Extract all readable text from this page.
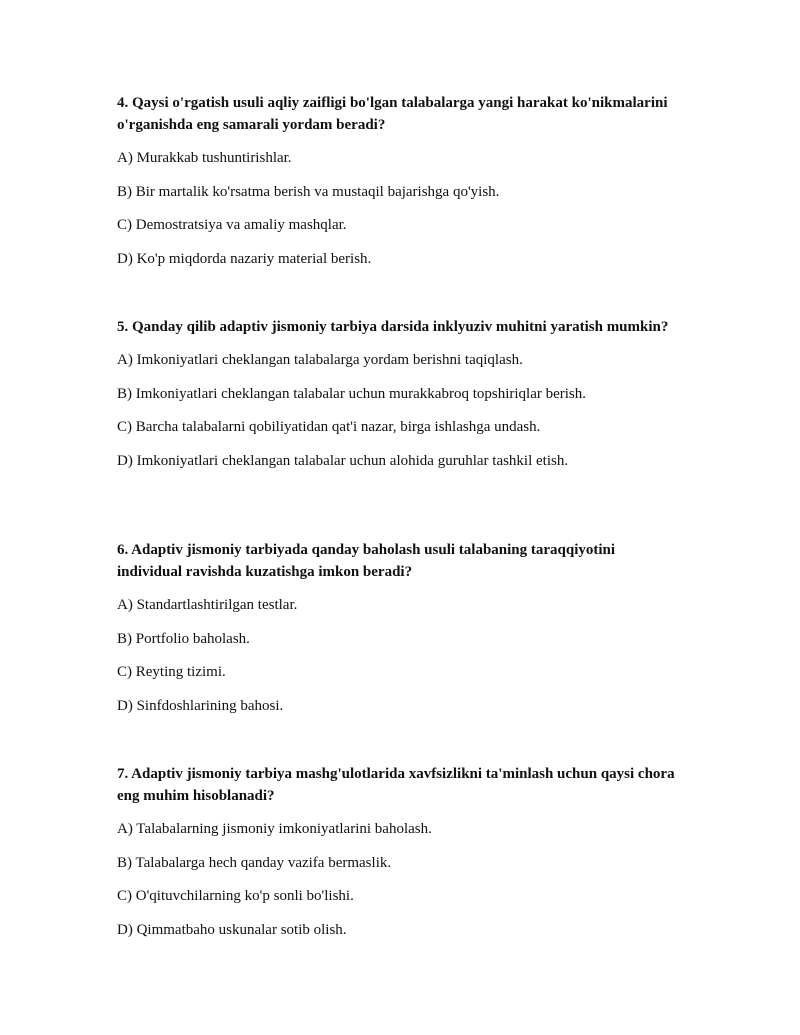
4. Qaysi o'rgatish usuli aqliy zaifligi bo'lgan talabalarga yangi harakat ko'nikmalarini o'rganishda eng samarali yordam beradi?
A) Murakkab tushuntirishlar.
B) Bir martalik ko'rsatma berish va mustaqil bajarishga qo'yish.
C) Demostratsiya va amaliy mashqlar.
D) Ko'p miqdorda nazariy material berish.
5. Qanday qilib adaptiv jismoniy tarbiya darsida inklyuziv muhitni yaratish mumkin?
A) Imkoniyatlari cheklangan talabalarga yordam berishni taqiqlash.
B) Imkoniyatlari cheklangan talabalar uchun murakkabroq topshiriqlar berish.
C) Barcha talabalarni qobiliyatidan qat'i nazar, birga ishlashga undash.
D) Imkoniyatlari cheklangan talabalar uchun alohida guruhlar tashkil etish.
6. Adaptiv jismoniy tarbiyada qanday baholash usuli talabaning taraqqiyotini individual ravishda kuzatishga imkon beradi?
A) Standartlashtirilgan testlar.
B) Portfolio baholash.
C) Reyting tizimi.
D) Sinfdoshlarining bahosi.
7. Adaptiv jismoniy tarbiya mashg'ulotlarida xavfsizlikni ta'minlash uchun qaysi chora eng muhim hisoblanadi?
A) Talabalarning jismoniy imkoniyatlarini baholash.
B) Talabalarga hech qanday vazifa bermaslik.
C) O'qituvchilarning ko'p sonli bo'lishi.
D) Qimmatbaho uskunalar sotib olish.
